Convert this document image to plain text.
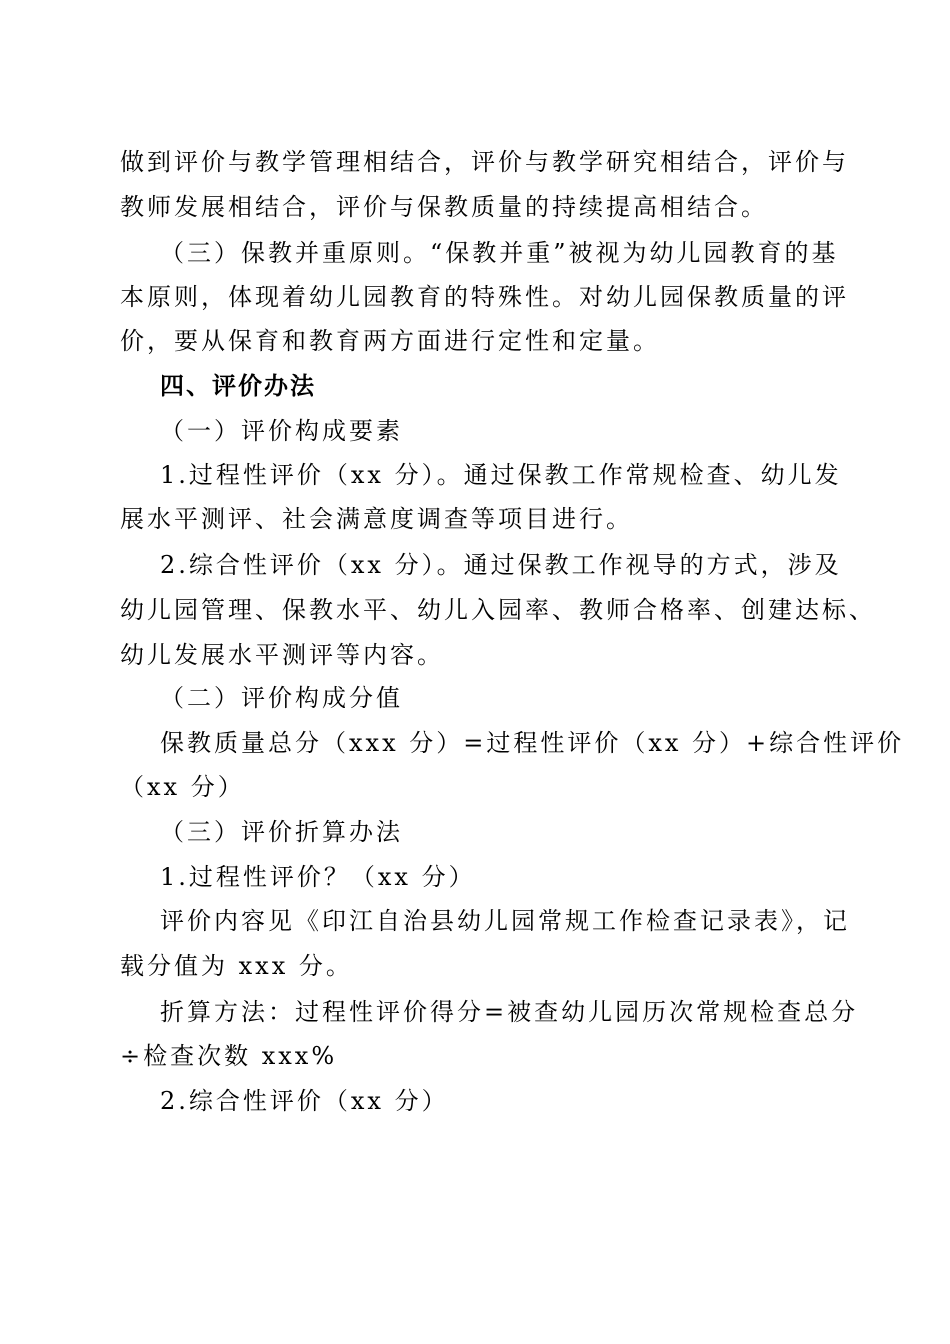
做到评价与教学管理相结合，评价与教学研究相结合，评价与
教师发展相结合，评价与保教质量的持续提高相结合。
（三）保教并重原则。“保教并重”被视为幼儿园教育的基
本原则，体现着幼儿园教育的特殊性。对幼儿园保教质量的评
价，要从保育和教育两方面进行定性和定量。
四、评价办法
（一）评价构成要素
1.过程性评价（xx 分）。通过保教工作常规检查、幼儿发
展水平测评、社会满意度调查等项目进行。
2.综合性评价（xx 分）。通过保教工作视导的方式，涉及
幼儿园管理、保教水平、幼儿入园率、教师合格率、创建达标、
幼儿发展水平测评等内容。
（二）评价构成分值
保教质量总分（xxx 分）=过程性评价（xx 分）+综合性评价
（xx 分）
（三）评价折算办法
1.过程性评价？（xx 分）
评价内容见《印江自治县幼儿园常规工作检查记录表》，记
载分值为 xxx 分。
折算方法：过程性评价得分=被查幼儿园历次常规检查总分
÷检查次数 xxx%
2.综合性评价（xx 分）
